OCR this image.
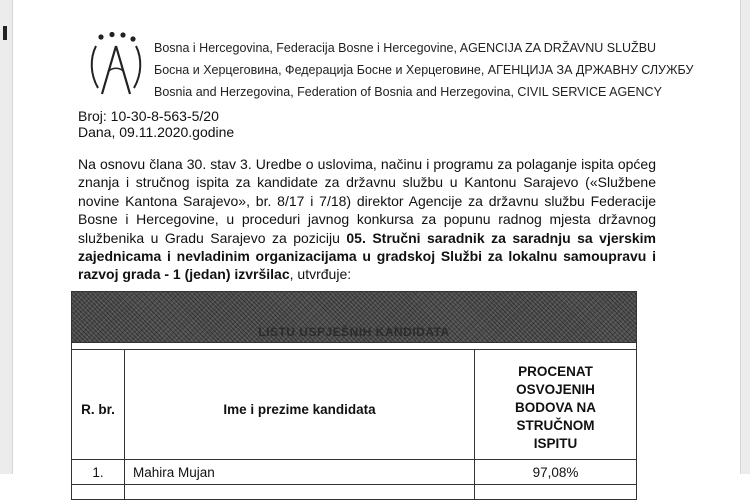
Bosna i Hercegovina, Federacija Bosne i Hercegovine, AGENCIJA ZA DRŽAVNU SLUŽBU
Босна и Херцеговина, Федерација Босне и Херцеговине, АГЕНЦИЈА ЗА ДРЖАВНУ СЛУЖБУ
Bosnia and Herzegovina, Federation of Bosnia and Herzegovina, CIVIL SERVICE AGENCY
Broj: 10-30-8-563-5/20
Dana, 09.11.2020.godine
Na osnovu člana 30. stav 3. Uredbe o uslovima, načinu i programu za polaganje ispita općeg znanja i stručnog ispita za kandidate za državnu službu u Kantonu Sarajevo («Službene novine Kantona Sarajevo», br. 8/17 i 7/18) direktor Agencije za državnu službu Federacije Bosne i Hercegovine, u proceduri javnog konkursa za popunu radnog mjesta državnog službenika u Gradu Sarajevo za poziciju 05. Stručni saradnik za saradnju sa vjerskim zajednicama i nevladinim organizacijama u gradskoj Službi za lokalnu samoupravu i razvoj grada - 1 (jedan) izvršilac, utvrđuje:
LISTU USPJEŠNIH KANDIDATA		

R. br.	Ime i prezime kandidata	PROCENAT
OSVOJENIH
BODOVA NA
STRUČNOM
ISPITU

1.	Mahira Mujan	97,08%
